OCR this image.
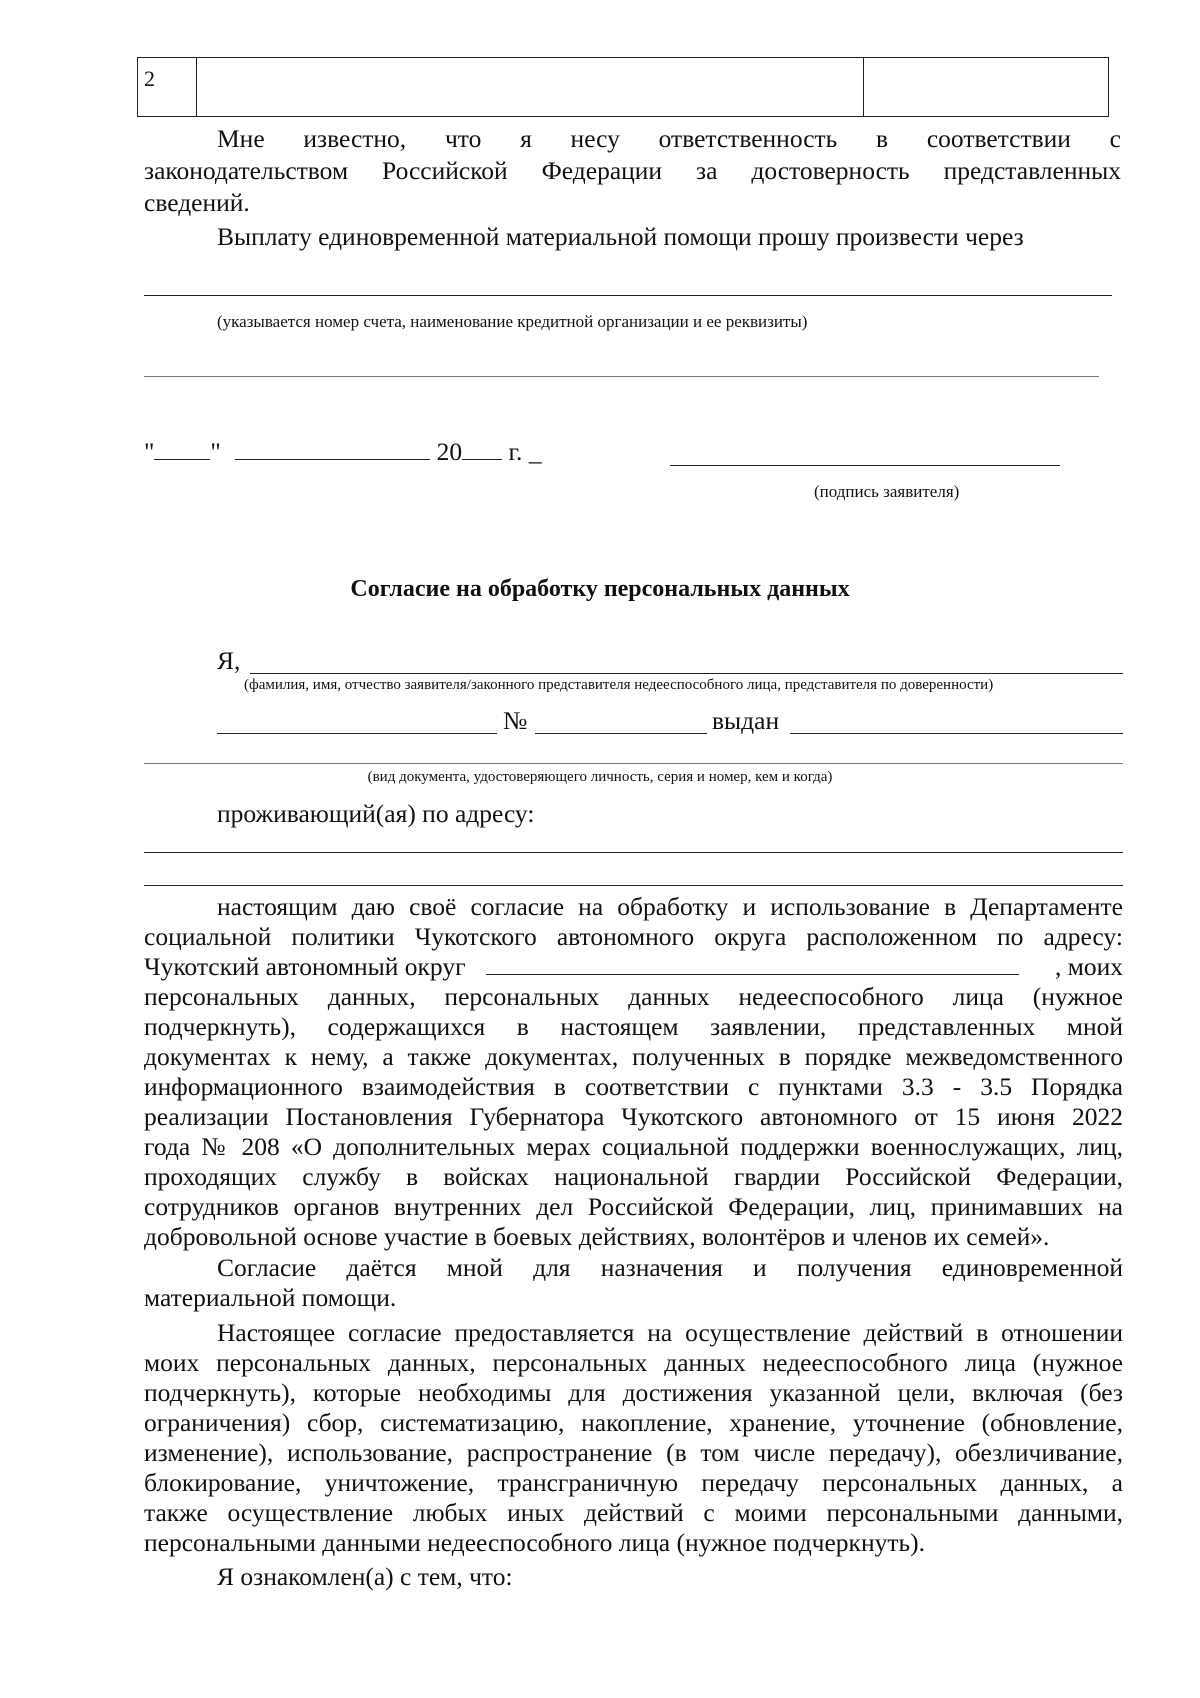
2		
Мне известно, что я несу ответственность в соответствии с
законодательством Российской Федерации за достоверность представленных
сведений.
Выплату единовременной материальной помощи прошу произвести через
(указывается номер счета, наименование кредитной организации и ее реквизиты)
" "	20 г. _
(подпись заявителя)
Согласие на обработку персональных данных
Я,
(фамилия, имя, отчество заявителя/законного представителя недееспособного лица, представителя по доверенности)
№	выдан
(вид документа, удостоверяющего личность, серия и номер, кем и когда)
проживающий(ая) по адресу:
настоящим даю своё согласие на обработку и использование в Департаменте
социальной политики Чукотского автономного округа расположенном по адресу:
Чукотский автономный округ	, моих
персональных данных, персональных данных недееспособного лица (нужное
подчеркнуть), содержащихся в настоящем заявлении, представленных мной
документах к нему, а также документах, полученных в порядке межведомственного
информационного взаимодействия в соответствии с пунктами 3.3 - 3.5 Порядка
реализации Постановления Губернатора Чукотского автономного от 15 июня 2022
года № 208 «О дополнительных мерах социальной поддержки военнослужащих, лиц,
проходящих службу в войсках национальной гвардии Российской Федерации,
сотрудников органов внутренних дел Российской Федерации, лиц, принимавших на
добровольной основе участие в боевых действиях, волонтёров и членов их семей».
Согласие даётся мной для назначения и получения единовременной
материальной помощи.
Настоящее согласие предоставляется на осуществление действий в отношении
моих персональных данных, персональных данных недееспособного лица (нужное
подчеркнуть), которые необходимы для достижения указанной цели, включая (без
ограничения) сбор, систематизацию, накопление, хранение, уточнение (обновление,
изменение), использование, распространение (в том числе передачу), обезличивание,
блокирование, уничтожение, трансграничную передачу персональных данных, а
также осуществление любых иных действий с моими персональными данными,
персональными данными недееспособного лица (нужное подчеркнуть).
Я ознакомлен(а) с тем, что:
